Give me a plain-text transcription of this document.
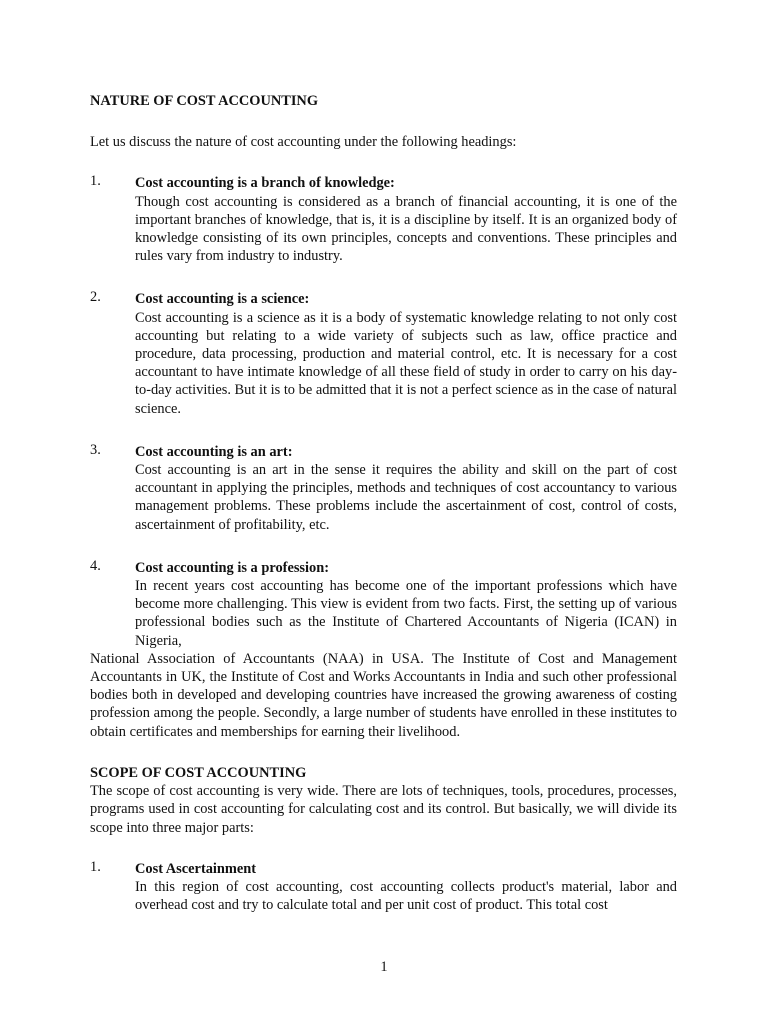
NATURE OF COST ACCOUNTING

Let us discuss the nature of cost accounting under the following headings:

1. Cost accounting is a branch of knowledge:

Though cost accounting is considered as a branch of financial accounting, it is one of the important branches of knowledge, that is, it is a discipline by itself. It is an organized body of knowledge consisting of its own principles, concepts and conventions. These principles and rules vary from industry to industry.

2. Cost accounting is a science:

Cost accounting is a science as it is a body of systematic knowledge relating to not only cost accounting but relating to a wide variety of subjects such as law, office practice and procedure, data processing, production and material control, etc. It is necessary for a cost accountant to have intimate knowledge of all these field of study in order to carry on his day-to-day activities. But it is to be admitted that it is not a perfect science as in the case of natural science.

3. Cost accounting is an art:

Cost accounting is an art in the sense it requires the ability and skill on the part of cost accountant in applying the principles, methods and techniques of cost accountancy to various management problems. These problems include the ascertainment of cost, control of costs, ascertainment of profitability, etc.

4. Cost accounting is a profession:

In recent years cost accounting has become one of the important professions which have become more challenging. This view is evident from two facts. First, the setting up of various professional bodies such as the Institute of Chartered Accountants of Nigeria (ICAN) in Nigeria,

National Association of Accountants (NAA) in USA. The Institute of Cost and Management Accountants in UK, the Institute of Cost and Works Accountants in India and such other professional bodies both in developed and developing countries have increased the growing awareness of costing profession among the people. Secondly, a large number of students have enrolled in these institutes to obtain certificates and memberships for earning their livelihood.

SCOPE OF COST ACCOUNTING

The scope of cost accounting is very wide. There are lots of techniques, tools, procedures, processes, programs used in cost accounting for calculating cost and its control. But basically, we will divide its scope into three major parts:

1. Cost Ascertainment

In this region of cost accounting, cost accounting collects product's material, labor and overhead cost and try to calculate total and per unit cost of product. This total cost

1
